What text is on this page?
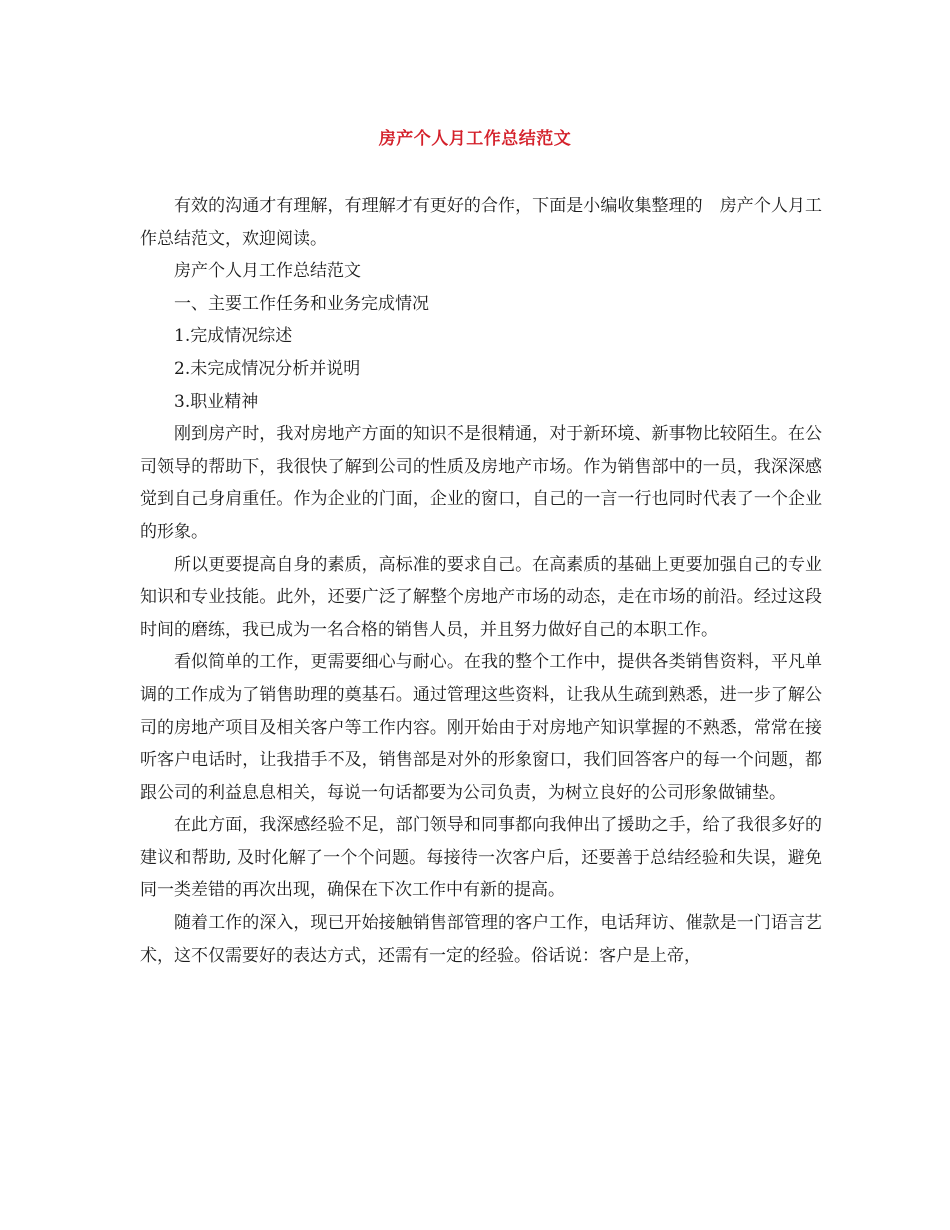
房产个人月工作总结范文

有效的沟通才有理解，有理解才有更好的合作，下面是小编收集整理的　房产个人月工作总结范文，欢迎阅读。

房产个人月工作总结范文

一、主要工作任务和业务完成情况

1.完成情况综述

2.未完成情况分析并说明

3.职业精神

刚到房产时，我对房地产方面的知识不是很精通，对于新环境、新事物比较陌生。在公司领导的帮助下，我很快了解到公司的性质及房地产市场。作为销售部中的一员，我深深感觉到自己身肩重任。作为企业的门面，企业的窗口，自己的一言一行也同时代表了一个企业的形象。

所以更要提高自身的素质，高标准的要求自己。在高素质的基础上更要加强自己的专业知识和专业技能。此外，还要广泛了解整个房地产市场的动态，走在市场的前沿。经过这段时间的磨练，我已成为一名合格的销售人员，并且努力做好自己的本职工作。

看似简单的工作，更需要细心与耐心。在我的整个工作中，提供各类销售资料，平凡单调的工作成为了销售助理的奠基石。通过管理这些资料，让我从生疏到熟悉，进一步了解公司的房地产项目及相关客户等工作内容。刚开始由于对房地产知识掌握的不熟悉，常常在接听客户电话时，让我措手不及，销售部是对外的形象窗口，我们回答客户的每一个问题，都跟公司的利益息息相关，每说一句话都要为公司负责，为树立良好的公司形象做铺垫。

在此方面，我深感经验不足，部门领导和同事都向我伸出了援助之手，给了我很多好的建议和帮助, 及时化解了一个个问题。每接待一次客户后，还要善于总结经验和失误，避免同一类差错的再次出现，确保在下次工作中有新的提高。

随着工作的深入，现已开始接触销售部管理的客户工作，电话拜访、催款是一门语言艺术，这不仅需要好的表达方式，还需有一定的经验。俗话说：客户是上帝，
